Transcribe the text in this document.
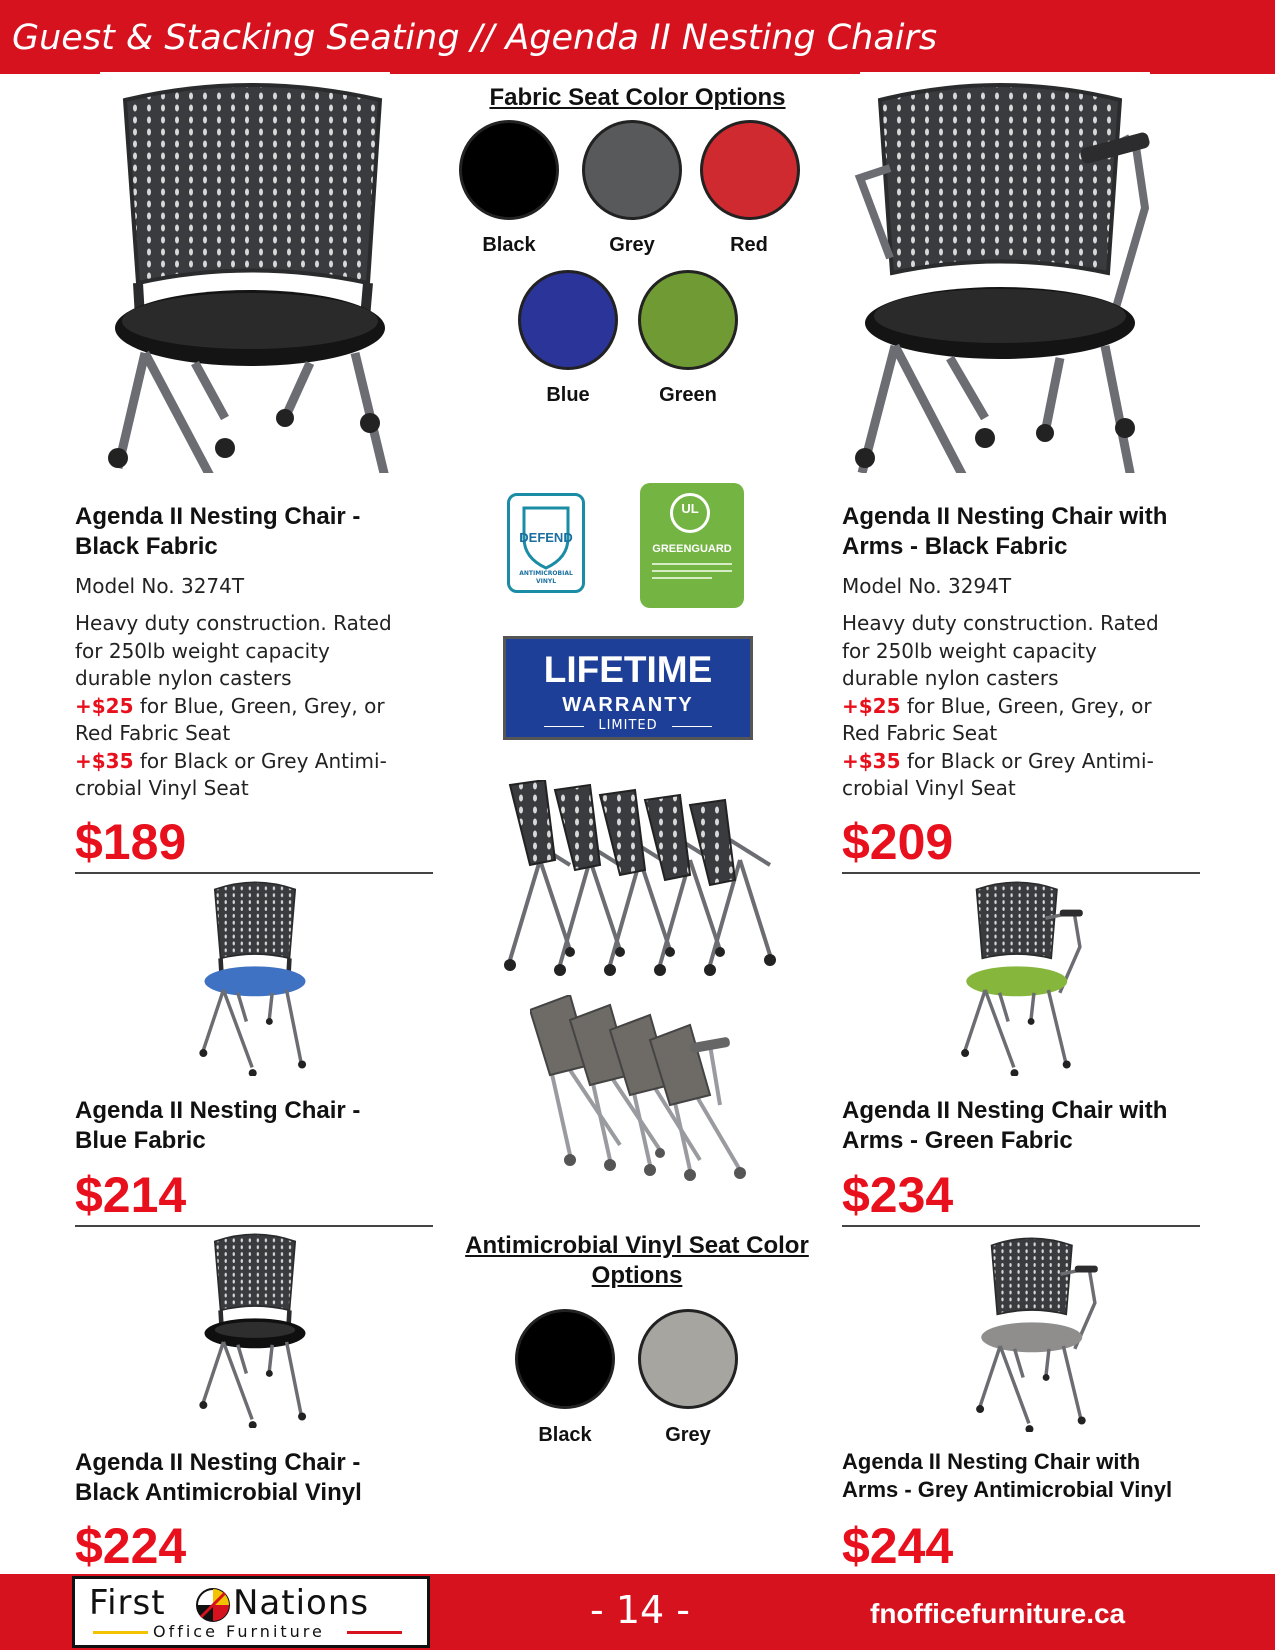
Guest & Stacking Seating // Agenda II Nesting Chairs
Fabric Seat Color Options
Black	Grey	Red
Blue	Green
DEFEND
ANTIMICROBIAL
VINYL
UL
GREENGUARD
LIFETIME
WARRANTY
LIMITED
Antimicrobial Vinyl Seat Color
Options
Black	Grey
Agenda II Nesting Chair -
Black Fabric
Model No. 3274T
Heavy duty construction. Rated
for 250lb weight capacity
durable nylon casters
+$25 for Blue, Green, Grey, or
Red Fabric Seat
+$35 for Black or Grey Antimi-
crobial Vinyl Seat
$189
Agenda II Nesting Chair with
Arms - Black Fabric
Model No. 3294T
Heavy duty construction. Rated
for 250lb weight capacity
durable nylon casters
+$25 for Blue, Green, Grey, or
Red Fabric Seat
+$35 for Black or Grey Antimi-
crobial Vinyl Seat
$209
Agenda II Nesting Chair -
Blue Fabric
$214
Agenda II Nesting Chair with
Arms - Green Fabric
$234
Agenda II Nesting Chair -
Black Antimicrobial Vinyl
$224
Agenda II Nesting Chair with
Arms - Grey Antimicrobial Vinyl
$244
First Nations
Office Furniture	- 14 -	fnofficefurniture.ca
